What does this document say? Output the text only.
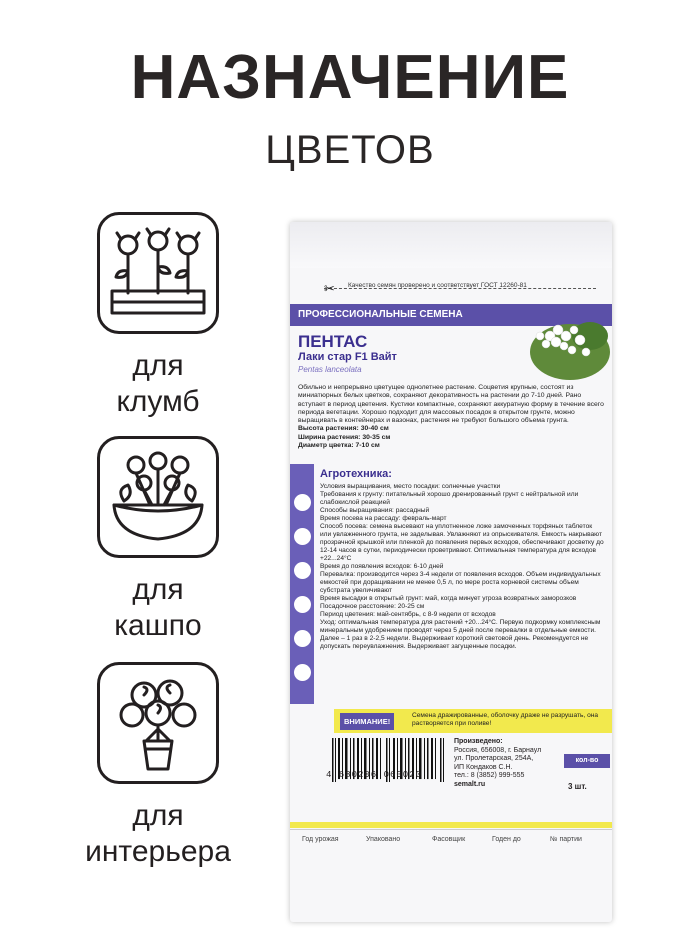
НАЗНАЧЕНИЕ
ЦВЕТОВ
для
клумб
для
кашпо
для
интерьера
✂ Качество семян проверено и соответствует ГОСТ 12260-81
ПРОФЕССИОНАЛЬНЫЕ СЕМЕНА
ПЕНТАС
Лаки стар F1 Вайт
Pentas lanceolata
Обильно и непрерывно цветущее однолетнее растение. Соцветия крупные, состоят из миниатюрных белых цветков, сохраняют декоративность на растении до 7-10 дней. Рано вступает в период цветения. Кустики компактные, сохраняют аккуратную форму в течение всего периода вегетации. Хорошо подходит для массовых посадок в открытом грунте, можно выращивать в контейнерах и вазонах, растения не требуют большого объема грунта.
Высота растения: 30-40 см
Ширина растения: 30-35 см
Диаметр цветка: 7-10 см
Агротехника:
Условия выращивания, место посадки: солнечные участки
Требования к грунту: питательный хорошо дренированный грунт с нейтральной или слабокислой реакцией
Способы выращивания: рассадный
Время посева на рассаду: февраль-март
Способ посева: семена высевают на уплотненное ложе замоченных торфяных таблеток или увлажненного грунта, не заделывая. Увлажняют из опрыскивателя. Емкость накрывают прозрачной крышкой или пленкой до появления первых всходов, обеспечивают досветку до 12-14 часов в сутки, периодически проветривают. Оптимальная температура для всходов +22...24°С
Время до появления всходов: 6-10 дней
Перевалка: производится через 3-4 недели от появления всходов. Объем индивидуальных емкостей при доращивании не менее 0,5 л, по мере роста корневой системы объем субстрата увеличивают
Время высадки в открытый грунт: май, когда минует угроза возвратных заморозков
Посадочное расстояние: 20-25 см
Период цветения: май-сентябрь, с 8-9 недели от всходов
Уход: оптимальная температура для растений +20...24°С. Первую подкормку комплексным минеральным удобрением проводят через 5 дней после перевалки в отдельные емкости. Далее – 1 раз в 2-2,5 недели. Выдерживает короткий световой день. Рекомендуется не допускать переувлажнения. Выдерживает загущенные посадки.
ВНИМАНИЕ!
Семена дражированные, оболочку драже не разрушать, она растворяется при поливе!
4 680206 060020
Произведено:
Россия, 656008, г. Барнаул
ул. Пролетарская, 254А,
ИП Кондаков С.Н.
тел.: 8 (3852) 999-555
semalt.ru
кол-во
3 шт.
Год урожая	Упаковано	Фасовщик	Годен до	№ партии
